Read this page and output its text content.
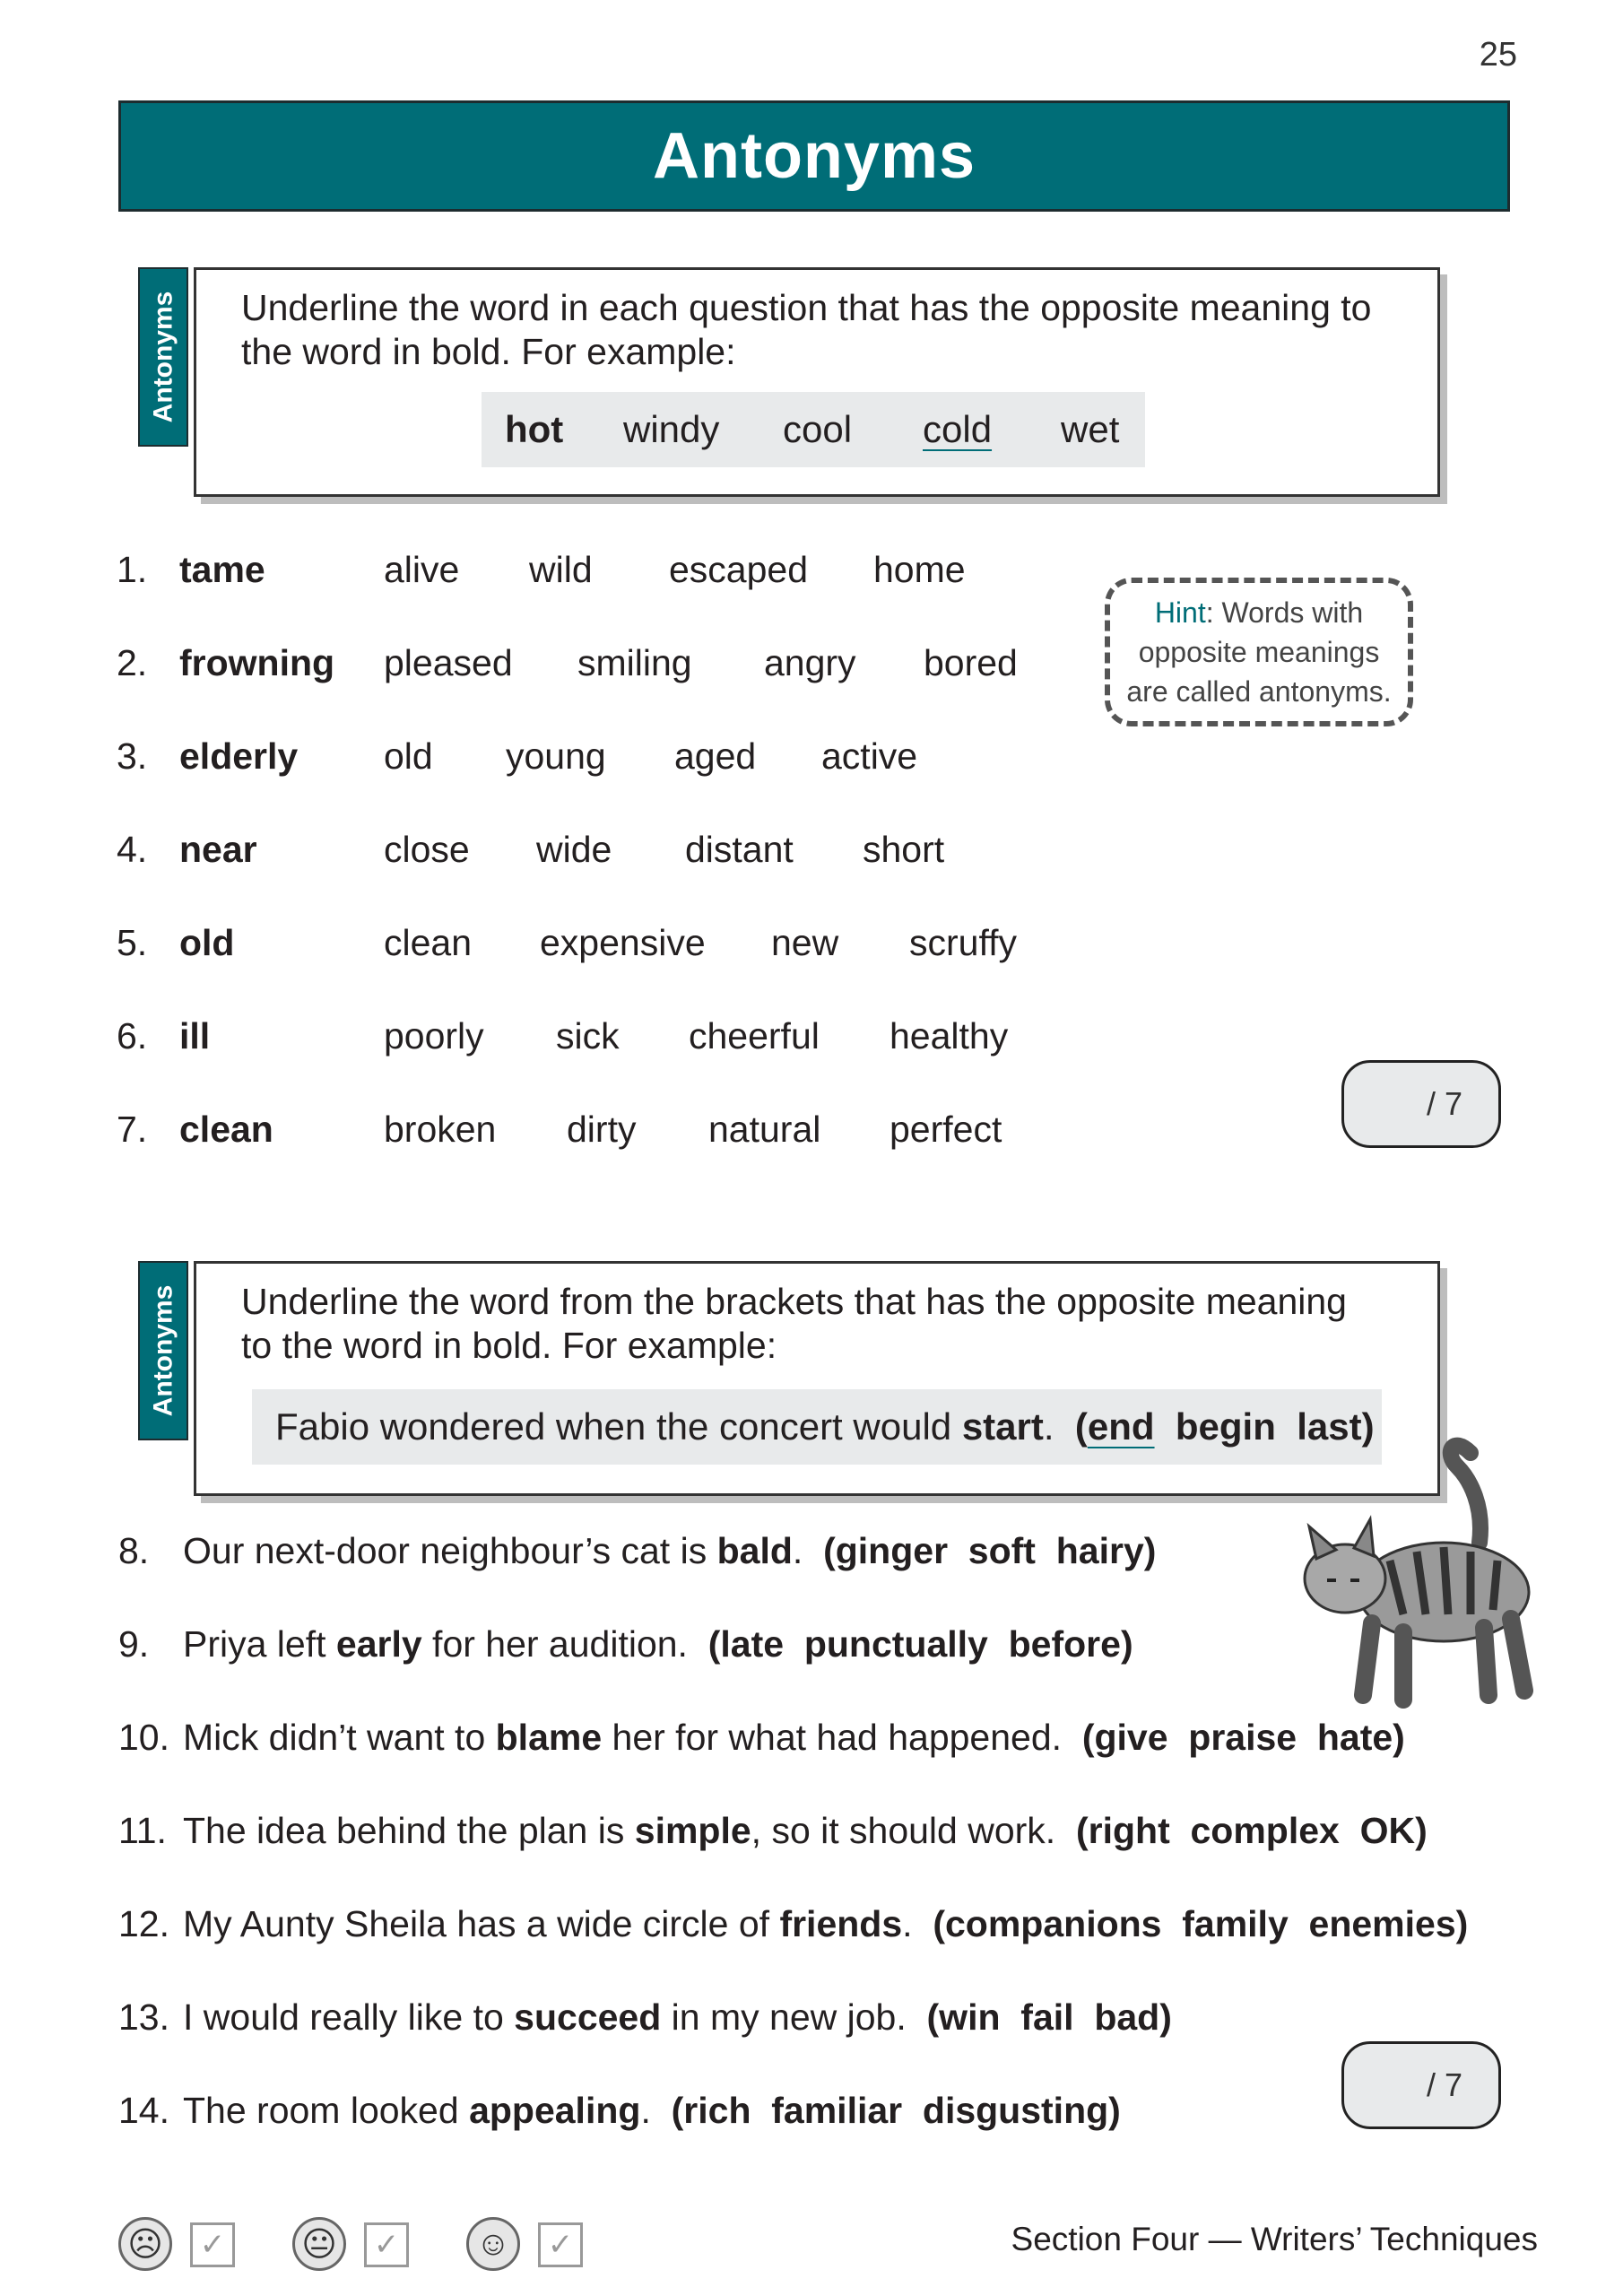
25
Antonyms
Antonyms Underline the word in each question that has the opposite meaning to
the word in bold. For example:
hot windy cool cold wet
1. tame	alive wild escaped home
2. frowning pleased smiling angry bored
3. elderly old young aged active
4. near	close wide distant short
5. old	clean expensive new scruffy
6. ill	poorly sick cheerful healthy
7. clean	broken dirty natural perfect
Hint: Words with
opposite meanings
are called antonyms.
/ 7
Antonyms Underline the word from the brackets that has the opposite meaning
to the word in bold. For example:
Fabio wondered when the concert would start . ( end
begin
last )
8. Our next-door neighbour’s cat is bald. (ginger  soft  hairy)
9. Priya left early for her audition. (late  punctually  before)
10. Mick didn’t want to blame her for what had happened. (give  praise  hate)
11. The idea behind the plan is simple, so it should work. (right  complex  OK)
12. My Aunty Sheila has a wide circle of friends. (companions  family  enemies)
13. I would really like to succeed in my new job. (win  fail  bad)
14. The room looked appealing. (rich  familiar  disgusting)
/ 7
☹	✓ 😐	✓ ☺	✓	Section Four — Writers’ Techniques
